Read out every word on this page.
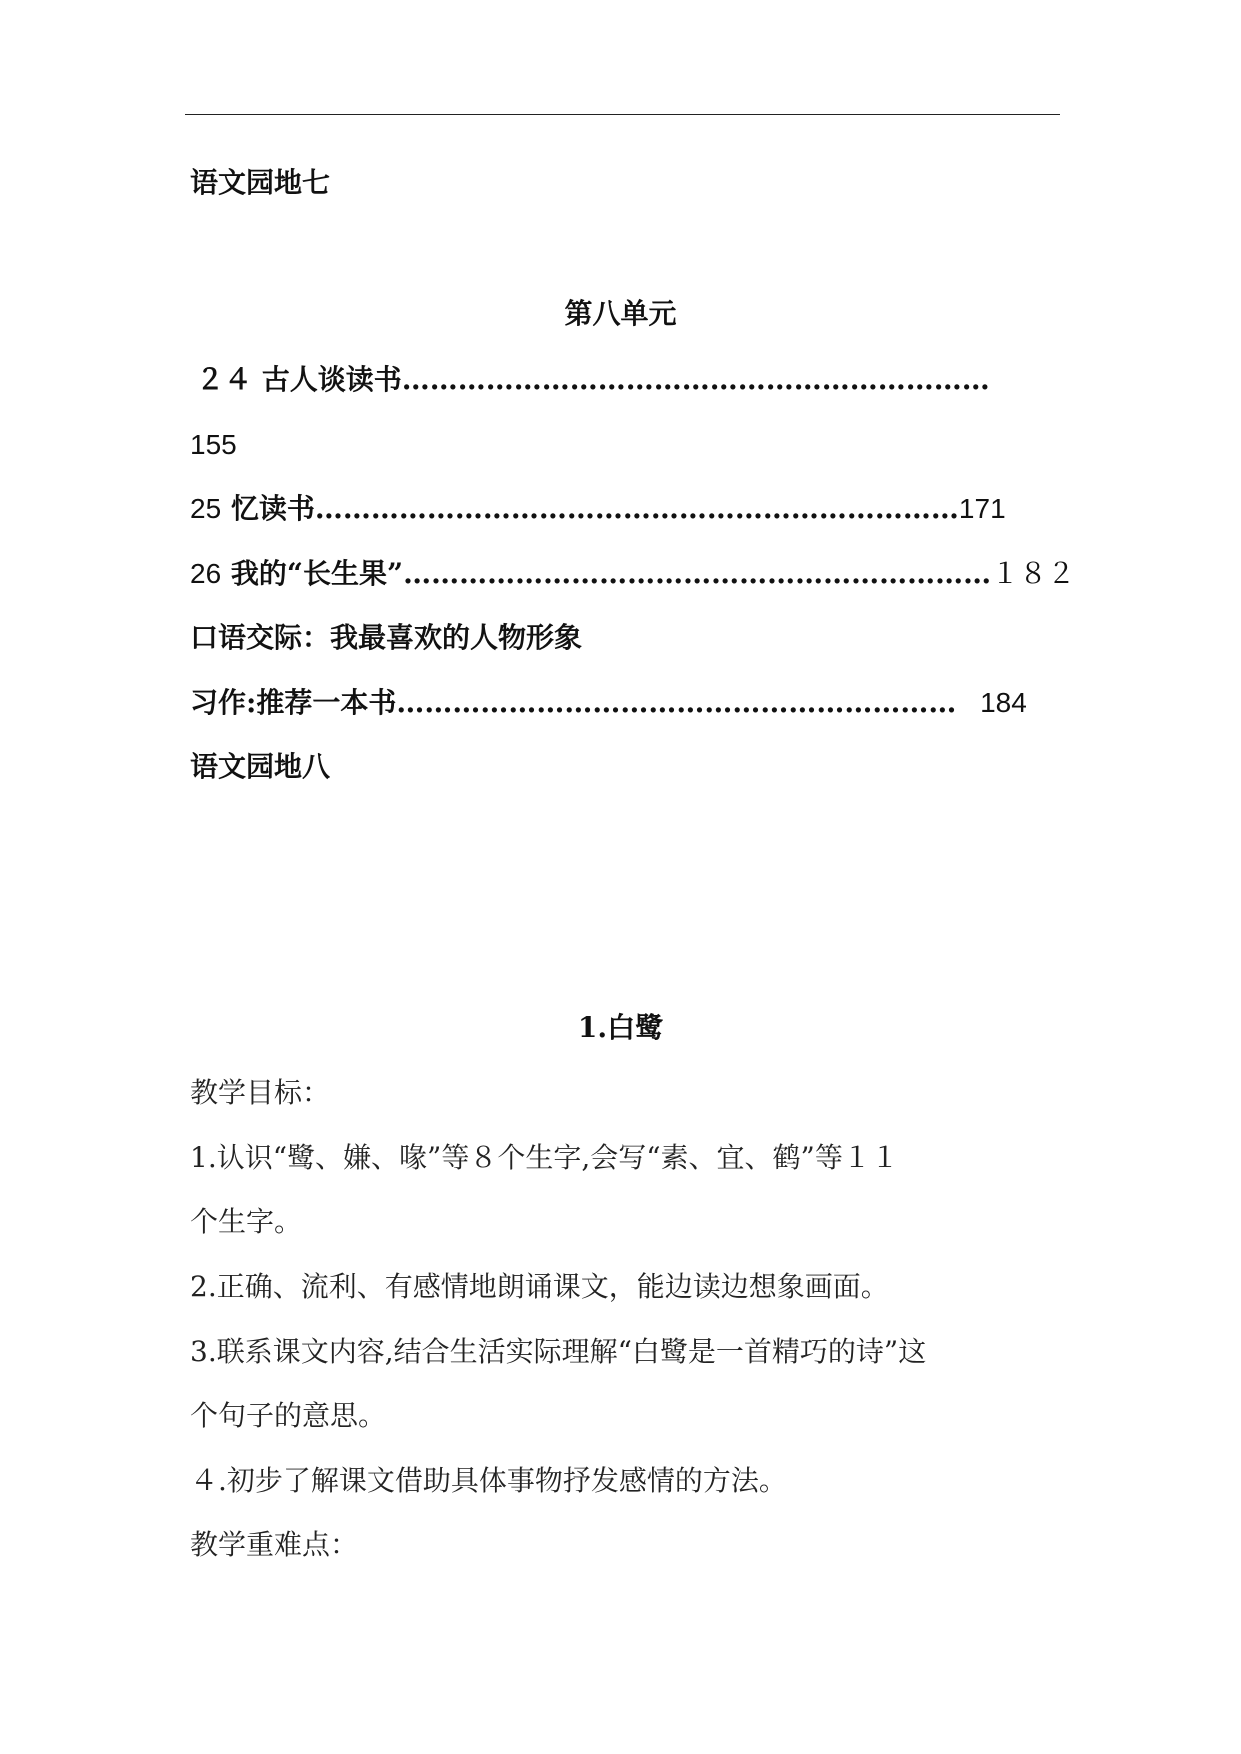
语文园地七
第八单元
２４ 古人谈读书………………………………………………………
155
25 忆读书……………………………………………………………171
26 我的“长生果”………………………………………………………１８２
口语交际：我最喜欢的人物形象
习作:推荐一本书…………………………………………………… 184
语文园地八
1.白鹭
教学目标：
1.认识“鹭、嫌、喙”等８个生字,会写“素、宜、鹤”等１１
个生字。
2.正确、流利、有感情地朗诵课文，能边读边想象画面。
3.联系课文内容,结合生活实际理解“白鹭是一首精巧的诗”这
个句子的意思。
４.初步了解课文借助具体事物抒发感情的方法。
教学重难点：
